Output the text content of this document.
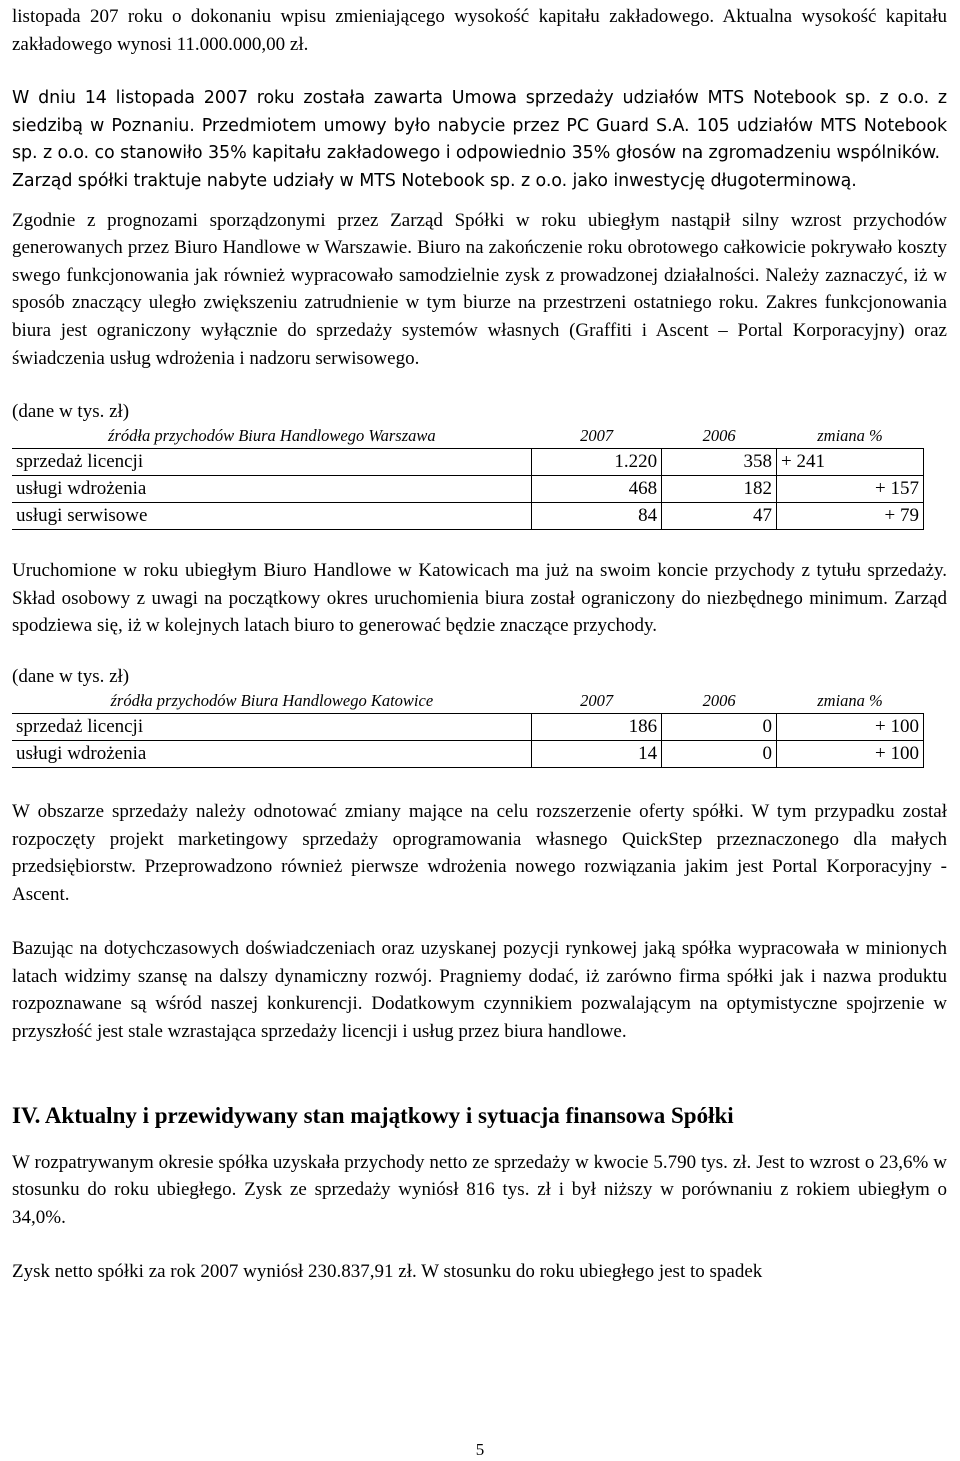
listopada 207 roku o dokonaniu wpisu zmieniającego wysokość kapitału zakładowego. Aktualna wysokość kapitału zakładowego wynosi 11.000.000,00 zł.

W dniu 14 listopada 2007 roku została zawarta Umowa sprzedaży udziałów MTS Notebook sp. z o.o. z siedzibą w Poznaniu. Przedmiotem umowy było nabycie przez PC Guard S.A. 105 udziałów MTS Notebook sp. z o.o. co stanowiło 35% kapitału zakładowego i odpowiednio 35% głosów na zgromadzeniu wspólników.

Zarząd spółki traktuje nabyte udziały w MTS Notebook sp. z o.o. jako inwestycję długoterminową.

Zgodnie z prognozami sporządzonymi przez Zarząd Spółki w roku ubiegłym nastąpił silny wzrost przychodów generowanych przez Biuro Handlowe w Warszawie. Biuro na zakończenie roku obrotowego całkowicie pokrywało koszty swego funkcjonowania jak również wypracowało samodzielnie zysk z prowadzonej działalności. Należy zaznaczyć, iż w sposób znaczący uległo zwiększeniu zatrudnienie w tym biurze na przestrzeni ostatniego roku. Zakres funkcjonowania biura jest ograniczony wyłącznie do sprzedaży systemów własnych (Graffiti i Ascent – Portal Korporacyjny) oraz świadczenia usług wdrożenia i nadzoru serwisowego.

(dane w tys. zł)

źródła przychodów Biura Handlowego Warszawa	2007	2006	zmiana %
sprzedaż licencji	1.220	358	+ 241
usługi wdrożenia	468	182	+ 157
usługi serwisowe	84	47	+ 79

Uruchomione w roku ubiegłym Biuro Handlowe w Katowicach ma już na swoim koncie przychody z tytułu sprzedaży. Skład osobowy z uwagi na początkowy okres uruchomienia biura został ograniczony do niezbędnego minimum. Zarząd spodziewa się, iż w kolejnych latach biuro to generować będzie znaczące przychody.

(dane w tys. zł)

źródła przychodów Biura Handlowego Katowice	2007	2006	zmiana %
sprzedaż licencji	186	0	+ 100
usługi wdrożenia	14	0	+ 100

W obszarze sprzedaży należy odnotować zmiany mające na celu rozszerzenie oferty spółki. W tym przypadku został rozpoczęty projekt marketingowy sprzedaży oprogramowania własnego QuickStep przeznaczonego dla małych przedsiębiorstw. Przeprowadzono również pierwsze wdrożenia nowego rozwiązania jakim jest Portal Korporacyjny - Ascent.

Bazując na dotychczasowych doświadczeniach oraz uzyskanej pozycji rynkowej jaką spółka wypracowała w minionych latach widzimy szansę na dalszy dynamiczny rozwój. Pragniemy dodać, iż zarówno firma spółki jak i nazwa produktu rozpoznawane są wśród naszej konkurencji. Dodatkowym czynnikiem pozwalającym na optymistyczne spojrzenie w przyszłość jest stale wzrastająca sprzedaży licencji i usług przez biura handlowe.

IV. Aktualny i przewidywany stan majątkowy i sytuacja finansowa Spółki

W rozpatrywanym okresie spółka uzyskała przychody netto ze sprzedaży w kwocie 5.790 tys. zł. Jest to wzrost o 23,6% w stosunku do roku ubiegłego. Zysk ze sprzedaży wyniósł 816 tys. zł i był niższy w porównaniu z rokiem ubiegłym o 34,0%.

Zysk netto spółki za rok 2007 wyniósł 230.837,91 zł. W stosunku do roku ubiegłego jest to spadek

5
